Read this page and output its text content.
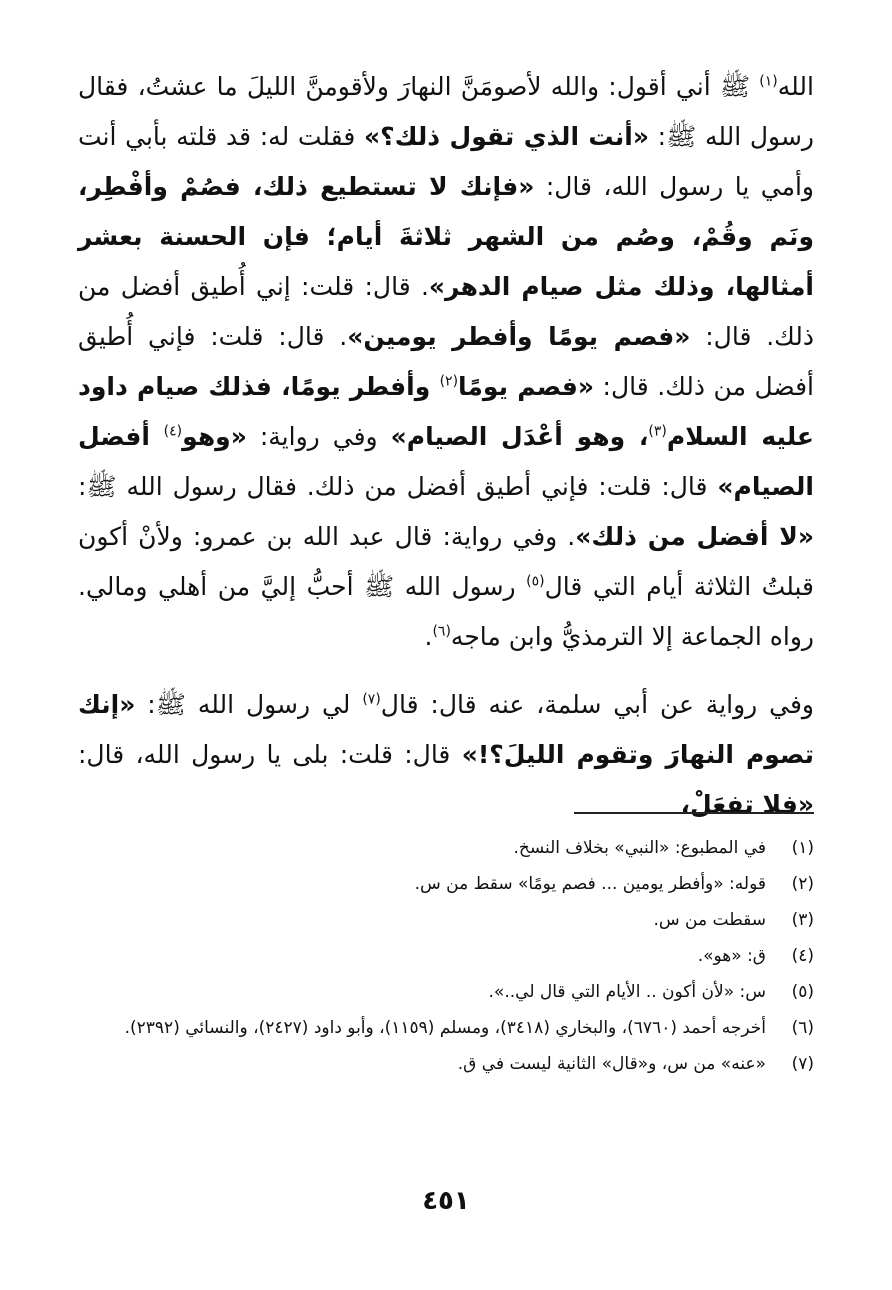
الله$^{(١)}$ ﷺ أني أقول: والله لأصومَنَّ النهارَ ولأقومنَّ الليلَ ما عشتُ، فقال رسول الله ﷺ: «أنت الذي تقول ذلك؟» فقلت له: قد قلته بأبي أنت وأمي يا رسول الله، قال: «فإنك لا تستطيع ذلك، فصُمْ وأفْطِر، ونَم وقُمْ، وصُم من الشهر ثلاثةَ أيام؛ فإن الحسنة بعشر أمثالها، وذلك مثل صيام الدهر». قال: قلت: إني أُطيق أفضل من ذلك. قال: «فصم يومًا وأفطر يومين». قال: قلت: فإني أُطيق أفضل من ذلك. قال: «فصم يومًا$^{(٢)}$ وأفطر يومًا، فذلك صيام داود عليه السلام$^{(٣)}$، وهو أعْدَل الصيام» وفي رواية: «وهو$^{(٤)}$ أفضل الصيام» قال: قلت: فإني أطيق أفضل من ذلك. فقال رسول الله ﷺ: «لا أفضل من ذلك». وفي رواية: قال عبد الله بن عمرو: ولأنْ أكون قبلتُ الثلاثة أيام التي قال$^{(٥)}$ رسول الله ﷺ أحبُّ إليَّ من أهلي ومالي. رواه الجماعة إلا الترمذيُّ وابن ماجه$^{(٦)}$.

وفي رواية عن أبي سلمة، عنه قال: قال$^{(٧)}$ لي رسول الله ﷺ: «إنك تصوم النهارَ وتقوم الليلَ؟!» قال: قلت: بلى يا رسول الله، قال: «فلا تفعَلْ،

(١)
في المطبوع: «النبي» بخلاف النسخ.
(٢)
قوله: «وأفطر يومين ... فصم يومًا» سقط من س.
(٣)
سقطت من س.
(٤)
ق: «هو».
(٥)
س: «لأن أكون .. الأيام التي قال لي..».
(٦)
أخرجه أحمد (٦٧٦٠)، والبخاري (٣٤١٨)، ومسلم (١١٥٩)، وأبو داود (٢٤٢٧)، والنسائي (٢٣٩٢).
(٧)
«عنه» من س، و«قال» الثانية ليست في ق.
٤٥١
